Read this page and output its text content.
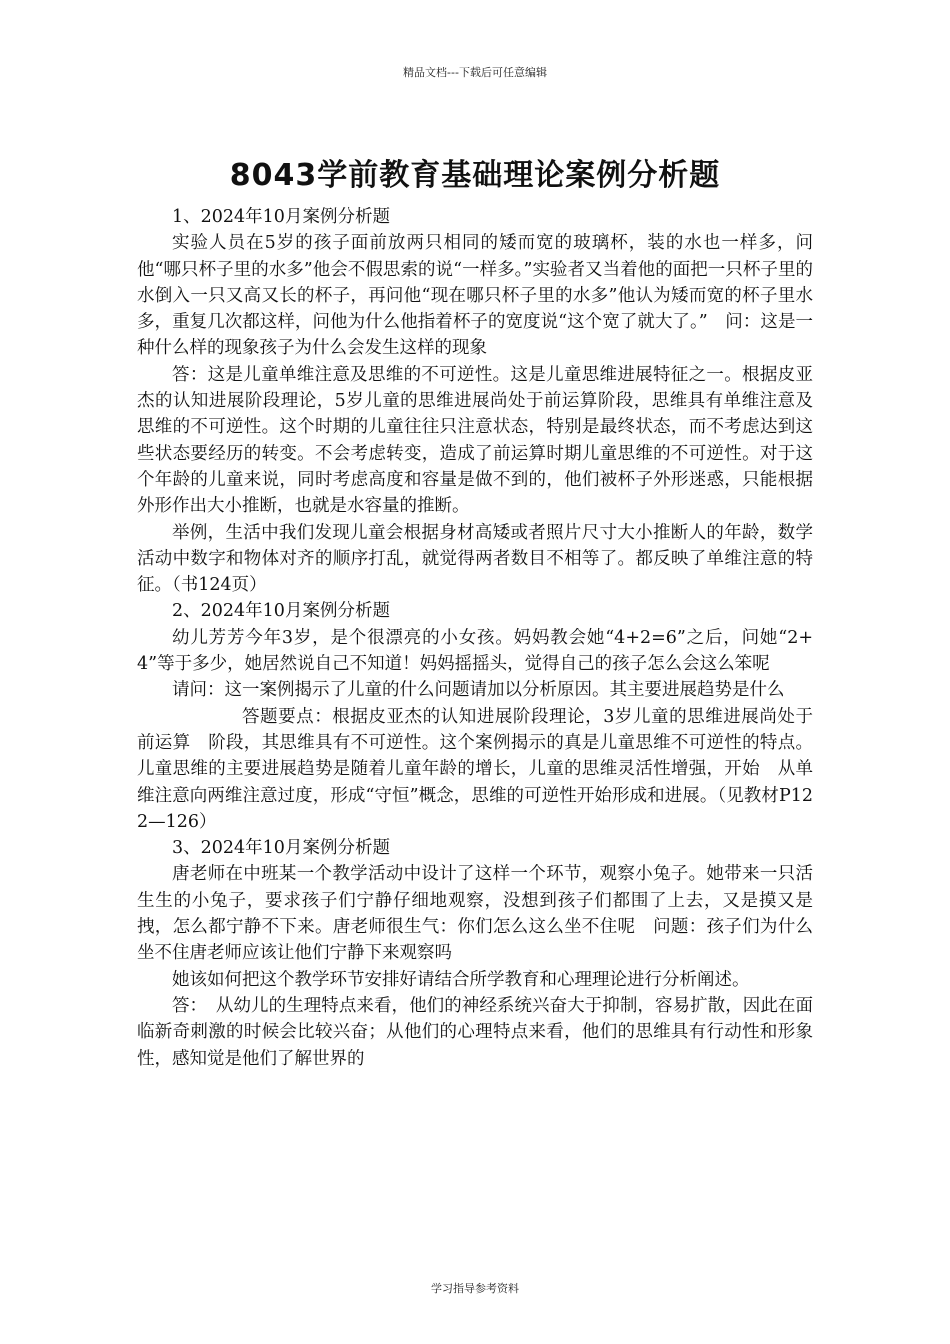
精品文档---下载后可任意编辑
8043学前教育基础理论案例分析题

1、2024年10月案例分析题

实验人员在5岁的孩子面前放两只相同的矮而宽的玻璃杯，装的水也一样多，问他“哪只杯子里的水多”他会不假思索的说“一样多。”实验者又当着他的面把一只杯子里的水倒入一只又高又长的杯子，再问他“现在哪只杯子里的水多”他认为矮而宽的杯子里水多，重复几次都这样，问他为什么他指着杯子的宽度说“这个宽了就大了。”　问：这是一种什么样的现象孩子为什么会发生这样的现象

答：这是儿童单维注意及思维的不可逆性。这是儿童思维进展特征之一。根据皮亚杰的认知进展阶段理论，5岁儿童的思维进展尚处于前运算阶段，思维具有单维注意及思维的不可逆性。这个时期的儿童往往只注意状态，特别是最终状态，而不考虑达到这些状态要经历的转变。不会考虑转变，造成了前运算时期儿童思维的不可逆性。对于这个年龄的儿童来说，同时考虑高度和容量是做不到的，他们被杯子外形迷惑，只能根据外形作出大小推断，也就是水容量的推断。

举例，生活中我们发现儿童会根据身材高矮或者照片尺寸大小推断人的年龄，数学活动中数字和物体对齐的顺序打乱，就觉得两者数目不相等了。都反映了单维注意的特征。（书124页）

2、2024年10月案例分析题

幼儿芳芳今年3岁，是个很漂亮的小女孩。妈妈教会她“4+2=6”之后，问她“2+4”等于多少，她居然说自己不知道！妈妈摇摇头，觉得自己的孩子怎么会这么笨呢

请问：这一案例揭示了儿童的什么问题请加以分析原因。其主要进展趋势是什么

答题要点：根据皮亚杰的认知进展阶段理论，3岁儿童的思维进展尚处于前运算　阶段，其思维具有不可逆性。这个案例揭示的真是儿童思维不可逆性的特点。儿童思维的主要进展趋势是随着儿童年龄的增长，儿童的思维灵活性增强，开始　从单维注意向两维注意过度，形成“守恒”概念，思维的可逆性开始形成和进展。（见教材P122—126）

3、2024年10月案例分析题

唐老师在中班某一个教学活动中设计了这样一个环节，观察小兔子。她带来一只活生生的小兔子，要求孩子们宁静仔细地观察，没想到孩子们都围了上去，又是摸又是拽，怎么都宁静不下来。唐老师很生气：你们怎么这么坐不住呢　问题：孩子们为什么坐不住唐老师应该让他们宁静下来观察吗

她该如何把这个教学环节安排好请结合所学教育和心理理论进行分析阐述。

答：　从幼儿的生理特点来看，他们的神经系统兴奋大于抑制，容易扩散，因此在面临新奇刺激的时候会比较兴奋；从他们的心理特点来看，他们的思维具有行动性和形象性，感知觉是他们了解世界的

学习指导参考资料
